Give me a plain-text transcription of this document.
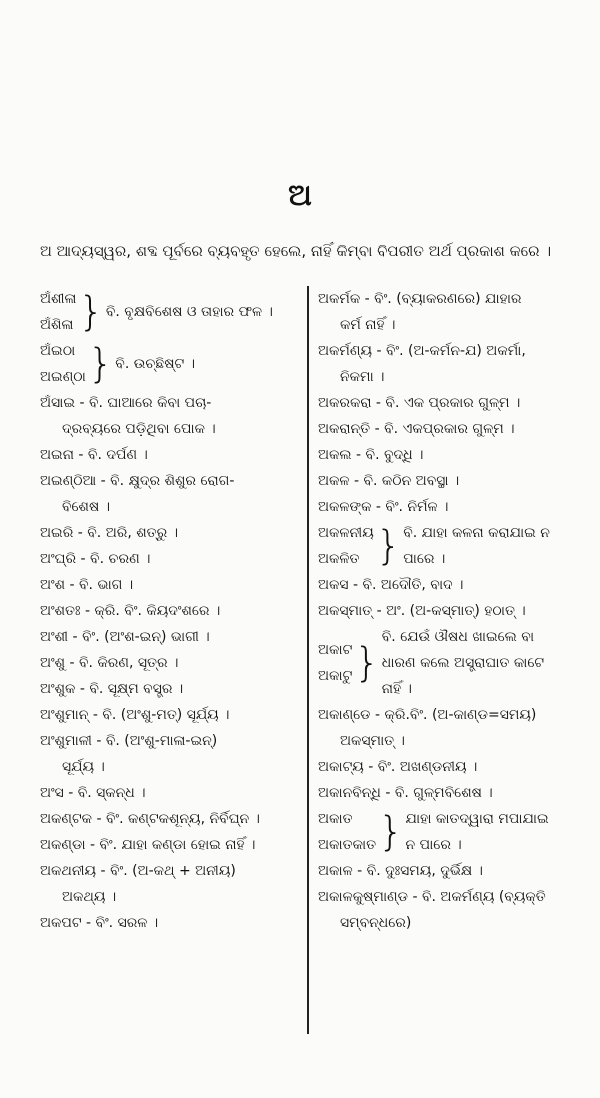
ଅ
ଅ ଆଦ୍ୟସ୍ୱର, ଶବ୍ଦ ପୂର୍ବରେ ବ୍ୟବହୃତ ହେଲେ, ନାହିଁ କିମ୍ବା ବିପରୀତ ଅର୍ଥ ପ୍ରକାଶ କରେ ।
ଅଁଶୀଳା
ଅଁଶିଳା } ବି. ବୃକ୍ଷବିଶେଷ ଓ ତାହାର ଫଳ ।
ଅଁଇଠା
ଅଇଣ୍ଠା } ବି. ଉଚ୍ଛିଷ୍ଟ ।
ଅଁସାଇ - ବି. ଘାଆରେ କିବା ପଚା-
ଦ୍ରବ୍ୟରେ ପଡ଼ିଥିବା ପୋକ ।
ଅଇନା - ବି. ଦର୍ପଣ ।
ଅଇଣ୍ଠିଆ - ବି. କ୍ଷୁଦ୍ର ଶିଶୁର ରୋଗ-
ବିଶେଷ ।
ଅଇରି - ବି. ଅରି, ଶତ୍ରୁ ।
ଅଂଘ୍ରି - ବି. ଚରଣ ।
ଅଂଶ - ବି. ଭାଗ ।
ଅଂଶତଃ - କ୍ରି. ବିଂ. କିୟଦଂଶରେ ।
ଅଂଶୀ - ବିଂ. (ଅଂଶ-ଇନ୍) ଭାଗୀ ।
ଅଂଶୁ - ବି. କିରଣ, ସୂତ୍ର ।
ଅଂଶୁକ - ବି. ସୂକ୍ଷ୍ମ ବସ୍ତ୍ର ।
ଅଂଶୁମାନ୍ - ବି. (ଅଂଶୁ-ମତ୍) ସୂର୍ଯ୍ୟ ।
ଅଂଶୁମାଳୀ - ବି. (ଅଂଶୁ-ମାଳା-ଇନ୍)
ସୂର୍ଯ୍ୟ ।
ଅଂସ - ବି. ସ୍କନ୍ଧ ।
ଅକଣ୍ଟକ - ବିଂ. କଣ୍ଟକଶୂନ୍ୟ, ନିର୍ବିଘ୍ନ ।
ଅକଣ୍ଡା - ବିଂ. ଯାହା କଣ୍ଡା ହୋଇ ନାହିଁ ।
ଅକଥନୀୟ - ବିଂ. (ଅ-କଥ୍ + ଅନୀୟ)
ଅକଥ୍ୟ ।
ଅକପଟ - ବିଂ. ସରଳ ।
ଅକର୍ମକ - ବିଂ. (ବ୍ୟାକରଣରେ) ଯାହାର
କର୍ମ ନାହିଁ ।
ଅକର୍ମଣ୍ୟ - ବିଂ. (ଅ-କର୍ମନ-ଯ) ଅକର୍ମା,
ନିକମା ।
ଅକରକରା - ବି. ଏକ ପ୍ରକାର ଗୁଳ୍ମ ।
ଅକରାନ୍ତି - ବି. ଏକପ୍ରକାର ଗୁଳ୍ମ ।
ଅକଲ - ବି. ବୁଦ୍ଧି ।
ଅକଳ - ବି. କଠିନ ଅବସ୍ଥା ।
ଅକଳଙ୍କ - ବିଂ. ନିର୍ମଳ ।
ଅକଳନୀୟ
ଅକଳିତ } ବି. ଯାହା କଳନା କରାଯାଇ ନ
ପାରେ ।
ଅକସ - ବି. ଅଦୌତି, ବାଦ ।
ଅକସ୍ମାତ୍ - ଅଂ. (ଅ-କସ୍ମାତ୍) ହଠାତ୍ ।
ଅକାଟ
ଅକାଟୁ }
ବି. ଯେଉଁ ଔଷଧ ଖାଇଲେ ବା
ଧାରଣ କଲେ ଅସ୍ତ୍ରାଘାତ କାଟେ
ନାହିଁ ।
ଅକାଣ୍ଡେ - କ୍ରି.ବିଂ. (ଅ-କାଣ୍ଡ=ସମୟ)
ଅକସ୍ମାତ୍ ।
ଅକାଟ୍ୟ - ବିଂ. ଅଖଣ୍ଡନୀୟ ।
ଅକାନବିନ୍ଧି - ବି. ଗୁଳ୍ମବିଶେଷ ।
ଅକାତ
ଅକାତକାତ } ଯାହା କାତଦ୍ୱାରା ମପାଯାଇ
ନ ପାରେ ।
ଅକାଳ - ବି. ଦୁଃସମୟ, ଦୁର୍ଭିକ୍ଷ ।
ଅକାଳକୁଷ୍ମାଣ୍ଡ - ବି. ଅକର୍ମଣ୍ୟ (ବ୍ୟକ୍ତି
ସମ୍ବନ୍ଧରେ)
